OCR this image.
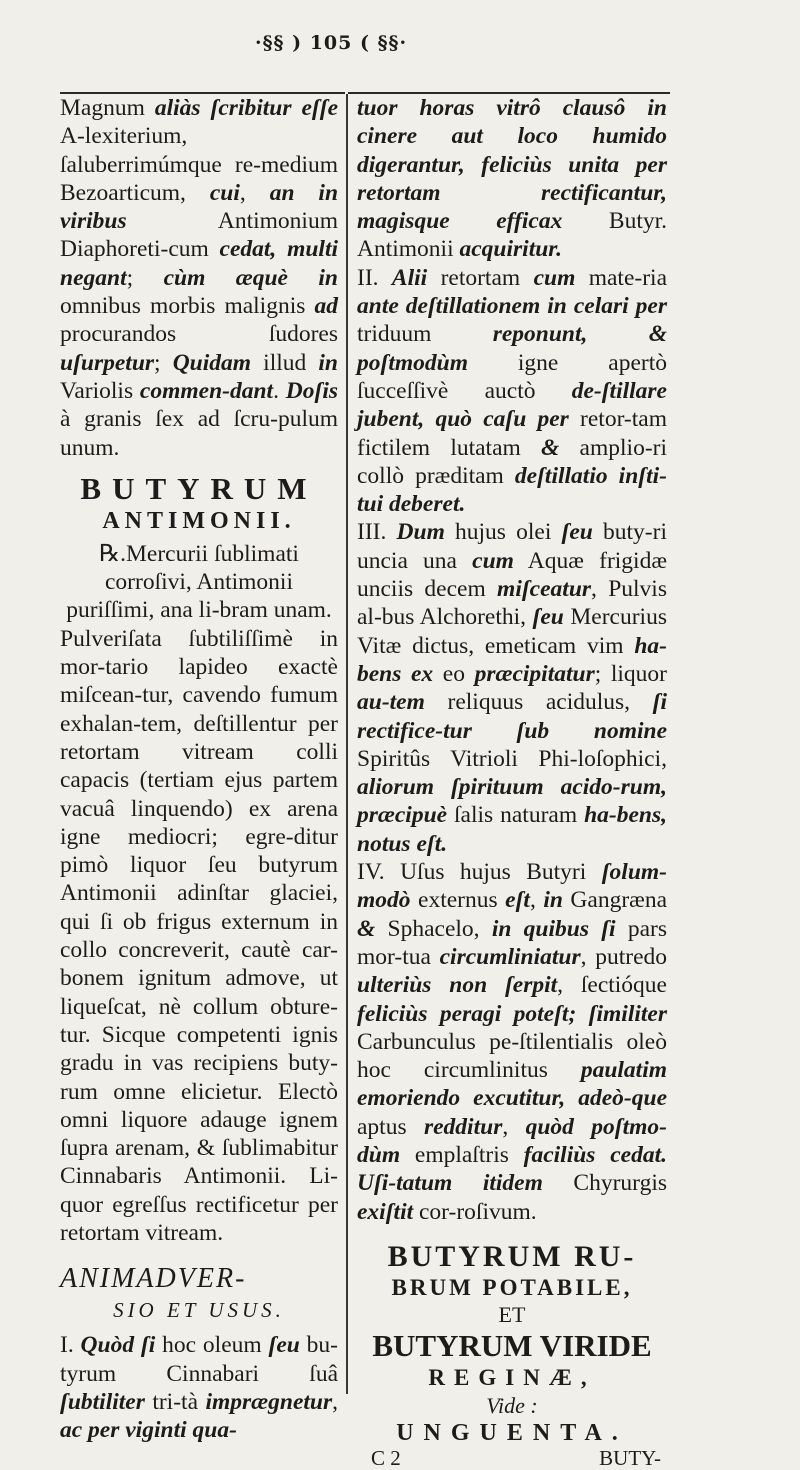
·§§ ) 105 ( §§·

Magnum aliàs ſcribitur eſſe A-lexiterium, ſaluberrimúmque re-medium Bezoarticum, cui, an in viribus Antimonium Diaphoreti-cum cedat, multi negant; cùm æquè in omnibus morbis malignis ad procurandos ſudores uſurpetur; Quidam illud in Variolis commen-dant. Doſis à granis ſex ad ſcru-pulum unum.

BUTYRUM
ANTIMONII.

℞.Mercurii ſublimati corroſivi, Antimonii puriſſimi, ana li-bram unam.

Pulveriſata ſubtiliſſimè in mor-tario lapideo exactè miſcean-tur, cavendo fumum exhalan-tem, deſtillentur per retortam vitream colli capacis (tertiam ejus partem vacuâ linquendo) ex arena igne mediocri; egre-ditur pimò liquor ſeu butyrum Antimonii adinſtar glaciei, qui ſi ob frigus externum in collo concreverit, cautè car-bonem ignitum admove, ut liqueſcat, nè collum obture-tur. Sicque competenti ignis gradu in vas recipiens buty-rum omne elicietur. Electò omni liquore adauge ignem ſupra arenam, & ſublimabitur Cinnabaris Antimonii. Li-quor egreſſus rectificetur per retortam vitream.

ANIMADVER-
SIO ET USUS.

I. Quòd ſi hoc oleum ſeu bu-tyrum Cinnabari ſuâ ſubtiliter tri-tà imprægnetur, ac per viginti qua-

tuor horas vitrô clausô in cinere aut loco humido digerantur, feliciùs unita per retortam rectificantur, magisque efficax Butyr. Antimonii acquiritur.

II. Alii retortam cum mate-ria ante deſtillationem in celari per triduum reponunt, & poſtmodùm igne apertò ſucceſſivè auctò de-ſtillare jubent, quò caſu per retor-tam fictilem lutatam & amplio-ri collò præditam deſtillatio inſti-tui deberet.

III. Dum hujus olei ſeu buty-ri uncia una cum Aquæ frigidæ unciis decem miſceatur, Pulvis al-bus Alchorethi, ſeu Mercurius Vitæ dictus, emeticam vim ha-bens ex eo præcipitatur; liquor au-tem reliquus acidulus, ſi rectifice-tur ſub nomine Spiritûs Vitrioli Phi-loſophici, aliorum ſpirituum acido-rum, præcipuè ſalis naturam ha-bens, notus eſt.

IV. Uſus hujus Butyri ſolum-modò externus eſt, in Gangræna & Sphacelo, in quibus ſi pars mor-tua circumliniatur, putredo ulteriùs non ſerpit, ſectióque feliciùs peragi poteſt; ſimiliter Carbunculus pe-ſtilentialis oleò hoc circumlinitus paulatim emoriendo excutitur, adeò-que aptus redditur, quòd poſtmo-dùm emplaſtris faciliùs cedat. Uſi-tatum itidem Chyrurgis exiſtit cor-roſivum.

BUTYRUM RU-
BRUM POTABILE,
ET
BUTYRUM VIRIDE
REGINÆ,
Vide :
UNGUENTA.
C 2	BUTY-
